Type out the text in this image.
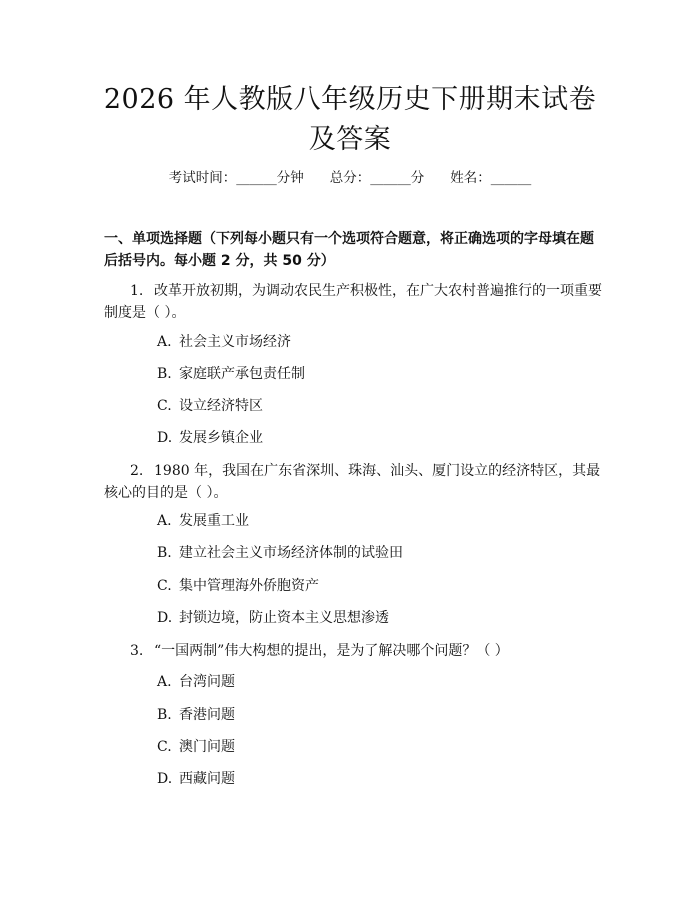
2026 年人教版八年级历史下册期末试卷及答案
考试时间：______分钟 总分：______分 姓名：______
一、单项选择题（下列每小题只有一个选项符合题意，将正确选项的字母填在题后括号内。每小题 2 分，共 50 分）
1. 改革开放初期，为调动农民生产积极性，在广大农村普遍推行的一项重要制度是（ ）。
A. 社会主义市场经济
B. 家庭联产承包责任制
C. 设立经济特区
D. 发展乡镇企业
2. 1980 年，我国在广东省深圳、珠海、汕头、厦门设立的经济特区，其最核心的目的是（ ）。
A. 发展重工业
B. 建立社会主义市场经济体制的试验田
C. 集中管理海外侨胞资产
D. 封锁边境，防止资本主义思想渗透
3. “一国两制”伟大构想的提出，是为了解决哪个问题？（ ）
A. 台湾问题
B. 香港问题
C. 澳门问题
D. 西藏问题
